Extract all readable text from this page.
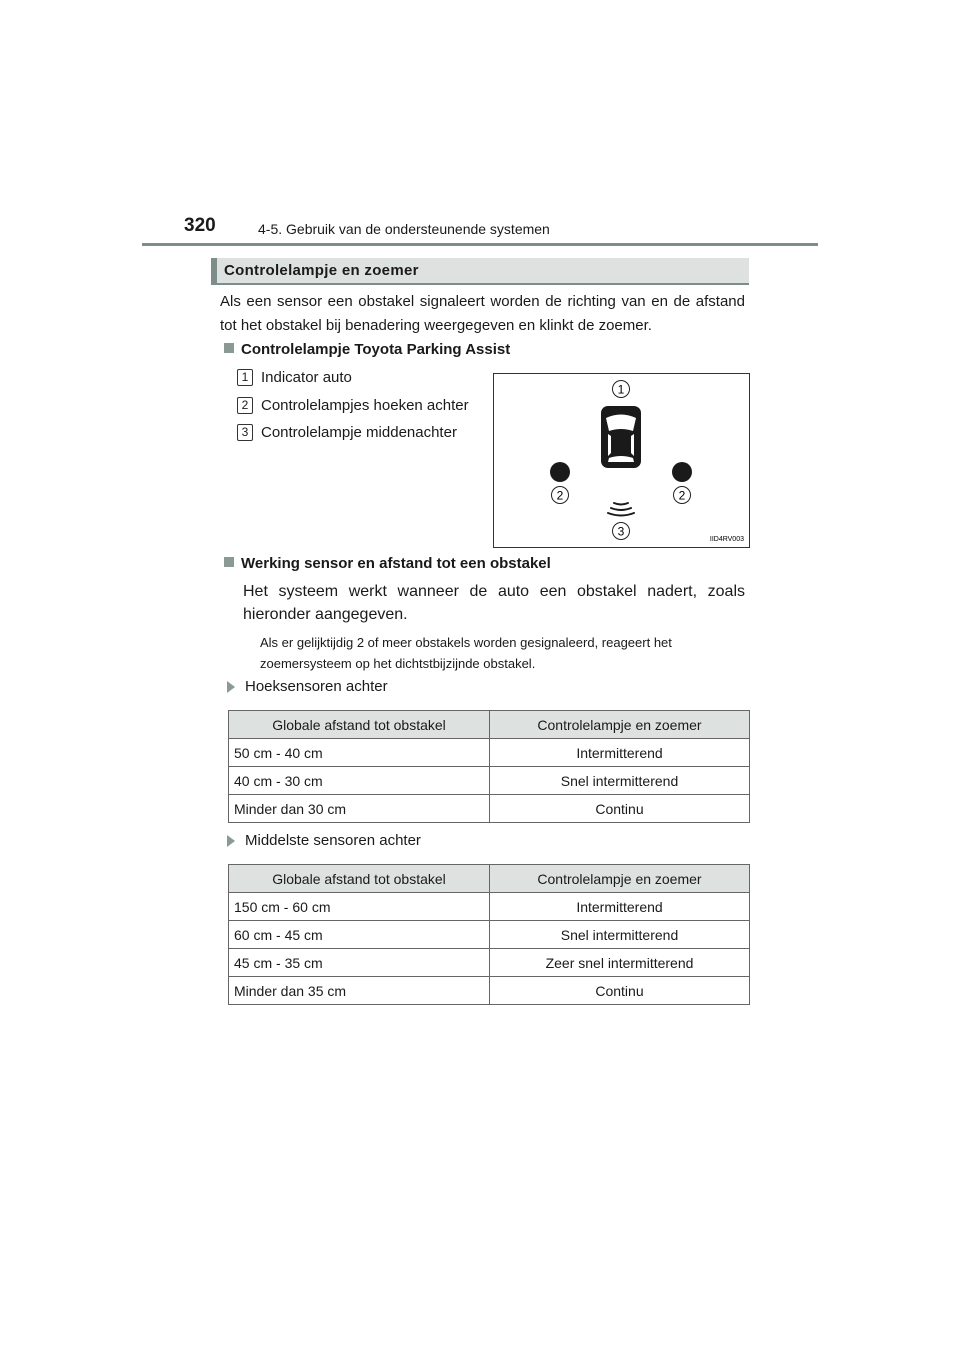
320	4-5. Gebruik van de ondersteunende systemen
Controlelampje en zoemer
Als een sensor een obstakel signaleert worden de richting van en de afstand tot het obstakel bij benadering weergegeven en klinkt de zoemer.
Controlelampje Toyota Parking Assist
1 Indicator auto
2 Controlelampjes hoeken achter
3 Controlelampje middenachter
1
2	2
3
IID4RV003
Werking sensor en afstand tot een obstakel
Het systeem werkt wanneer de auto een obstakel nadert, zoals hieronder aangegeven.
Als er gelijktijdig 2 of meer obstakels worden gesignaleerd, reageert het zoemersysteem op het dichtstbijzijnde obstakel.
Hoeksensoren achter
Globale afstand tot obstakel	Controlelampje en zoemer
50 cm - 40 cm	Intermitterend
40 cm - 30 cm	Snel intermitterend
Minder dan 30 cm	Continu
Middelste sensoren achter
Globale afstand tot obstakel	Controlelampje en zoemer
150 cm - 60 cm	Intermitterend
60 cm - 45 cm	Snel intermitterend
45 cm - 35 cm	Zeer snel intermitterend
Minder dan 35 cm	Continu
